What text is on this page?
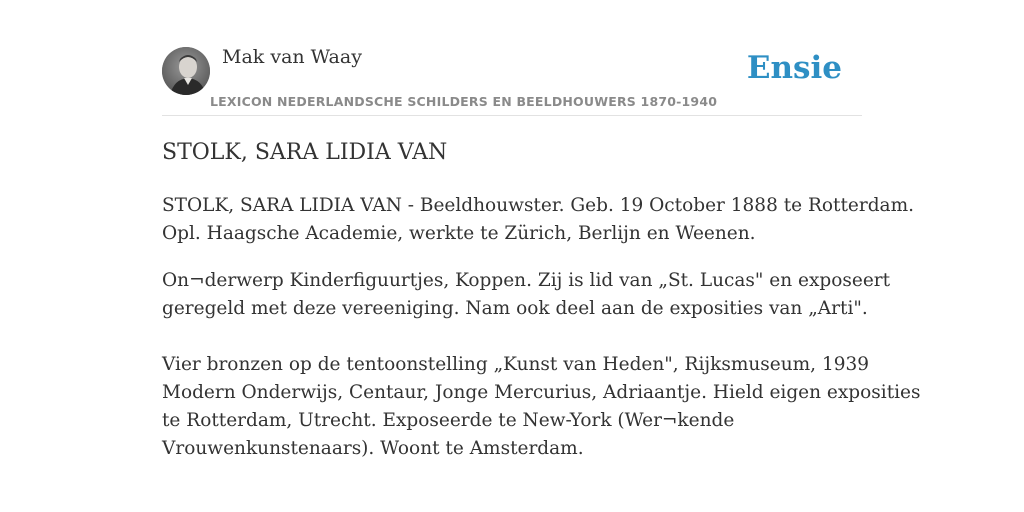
Mak van Waay
LEXICON NEDERLANDSCHE SCHILDERS EN BEELDHOUWERS 1870-1940
Ensie
STOLK, SARA LIDIA VAN

STOLK, SARA LIDIA VAN - Beeldhouwster. Geb. 19 October 1888 te Rotterdam.
Opl. Haagsche Academie, werkte te Zürich, Berlijn en Weenen.

On¬derwerp Kinderfiguurtjes, Koppen. Zij is lid van „St. Lucas" en exposeert
geregeld met deze vereeniging. Nam ook deel aan de exposities van „Arti".

Vier bronzen op de tentoonstelling „Kunst van Heden", Rijksmuseum, 1939
Modern Onderwijs, Centaur, Jonge Mercurius, Adriaantje. Hield eigen exposities
te Rotterdam, Utrecht. Exposeerde te New-York (Wer¬kende
Vrouwenkunstenaars). Woont te Amsterdam.
